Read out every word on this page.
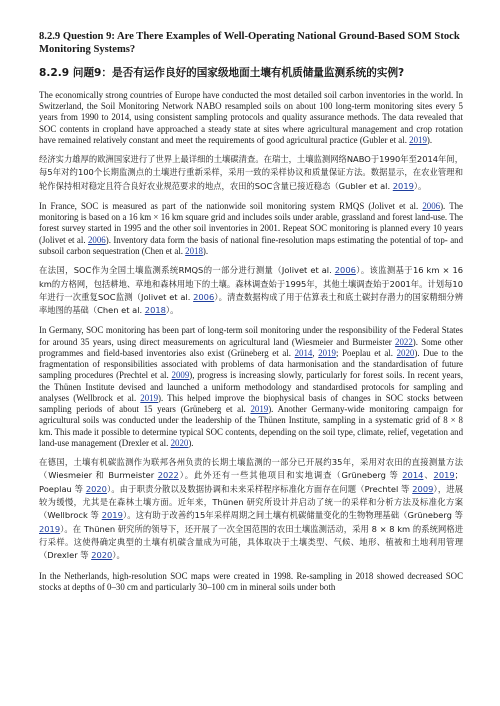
8.2.9 Question 9: Are There Examples of Well-Operating National Ground-Based SOM Stock Monitoring Systems?
8.2.9 问题9：是否有运作良好的国家级地面土壤有机质储量监测系统的实例?

The economically strong countries of Europe have conducted the most detailed soil carbon inventories in the world. In Switzerland, the Soil Monitoring Network NABO resampled soils on about 100 long-term monitoring sites every 5 years from 1990 to 2014, using consistent sampling protocols and quality assurance methods. The data revealed that SOC contents in cropland have approached a steady state at sites where agricultural management and crop rotation have remained relatively constant and meet the requirements of good agricultural practice (Gubler et al. 2019).

经济实力雄厚的欧洲国家进行了世界上最详细的土壤碳清查。在瑞士，土壤监测网络NABO于1990年至2014年间，每5年对约100个长期监测点的土壤进行重新采样，采用一致的采样协议和质量保证方法。数据显示，在农业管理和轮作保持相对稳定且符合良好农业规范要求的地点，农田的SOC含量已接近稳态（Gubler et al. 2019）。

In France, SOC is measured as part of the nationwide soil monitoring system RMQS (Jolivet et al. 2006). The monitoring is based on a 16 km × 16 km square grid and includes soils under arable, grassland and forest land-use. The forest survey started in 1995 and the other soil inventories in 2001. Repeat SOC monitoring is planned every 10 years (Jolivet et al. 2006). Inventory data form the basis of national fine-resolution maps estimating the potential of top- and subsoil carbon sequestration (Chen et al. 2018).

在法国，SOC作为全国土壤监测系统RMQS的一部分进行测量（Jolivet et al. 2006）。该监测基于16 km × 16 km的方格网，包括耕地、草地和森林用地下的土壤。森林调查始于1995年，其他土壤调查始于2001年。计划每10年进行一次重复SOC监测（Jolivet et al. 2006）。清查数据构成了用于估算表土和底土碳封存潜力的国家精细分辨率地图的基础（Chen et al. 2018）。

In Germany, SOC monitoring has been part of long-term soil monitoring under the responsibility of the Federal States for around 35 years, using direct measurements on agricultural land (Wiesmeier and Burmeister 2022). Some other programmes and field-based inventories also exist (Grüneberg et al. 2014, 2019; Poeplau et al. 2020). Due to the fragmentation of responsibilities associated with problems of data harmonisation and the standardisation of future sampling procedures (Prechtel et al. 2009), progress is increasing slowly, particularly for forest soils. In recent years, the Thünen Institute devised and launched a uniform methodology and standardised protocols for sampling and analyses (Wellbrock et al. 2019). This helped improve the biophysical basis of changes in SOC stocks between sampling periods of about 15 years (Grüneberg et al. 2019). Another Germany-wide monitoring campaign for agricultural soils was conducted under the leadership of the Thünen Institute, sampling in a systematic grid of 8 × 8 km. This made it possible to determine typical SOC contents, depending on the soil type, climate, relief, vegetation and land-use management (Drexler et al. 2020).

在德国，土壤有机碳监测作为联邦各州负责的长期土壤监测的一部分已开展约35年，采用对农田的直接测量方法（Wiesmeier 和 Burmeister 2022）。此外还有一些其他项目和实地调查（Grüneberg 等 2014、2019；Poeplau 等 2020）。由于职责分散以及数据协调和未来采样程序标准化方面存在问题（Prechtel 等 2009），进展较为缓慢，尤其是在森林土壤方面。近年来，Thünen 研究所设计并启动了统一的采样和分析方法及标准化方案（Wellbrock 等 2019）。这有助于改善约15年采样周期之间土壤有机碳储量变化的生物物理基础（Grüneberg 等 2019）。在 Thünen 研究所的领导下，还开展了一次全国范围的农田土壤监测活动，采用 8 × 8 km 的系统网格进行采样。这使得确定典型的土壤有机碳含量成为可能，具体取决于土壤类型、气候、地形、植被和土地利用管理（Drexler 等 2020）。

In the Netherlands, high-resolution SOC maps were created in 1998. Re-sampling in 2018 showed decreased SOC stocks at depths of 0–30 cm and particularly 30–100 cm in mineral soils under both
